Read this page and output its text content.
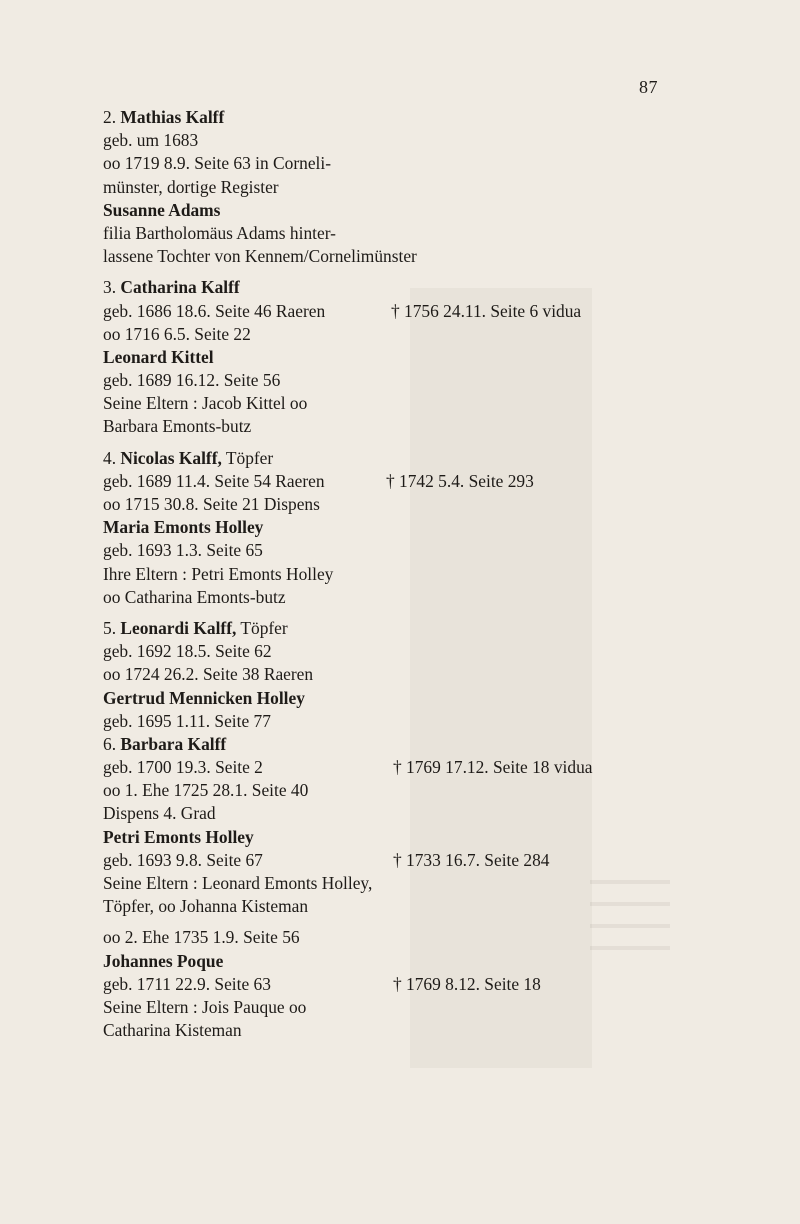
87
2. Mathias Kalff
geb. um 1683
oo 1719 8.9. Seite 63 in Corneli-
münster, dortige Register
Susanne Adams
filia Bartholomäus Adams hinter-
lassene Tochter von Kennem/Cornelimünster
3. Catharina Kalff
geb. 1686 18.6. Seite 46 Raeren	† 1756 24.11. Seite 6 vidua
oo 1716 6.5. Seite 22
Leonard Kittel
geb. 1689 16.12. Seite 56
Seine Eltern : Jacob Kittel oo
Barbara Emonts-butz
4. Nicolas Kalff, Töpfer
geb. 1689 11.4. Seite 54 Raeren	† 1742 5.4. Seite 293
oo 1715 30.8. Seite 21 Dispens
Maria Emonts Holley
geb. 1693 1.3. Seite 65
Ihre Eltern : Petri Emonts Holley
oo Catharina Emonts-butz
5. Leonardi Kalff, Töpfer
geb. 1692 18.5. Seite 62
oo 1724 26.2. Seite 38 Raeren
Gertrud Mennicken Holley
geb. 1695 1.11. Seite 77
6. Barbara Kalff
geb. 1700 19.3. Seite 2	† 1769 17.12. Seite 18 vidua
oo 1. Ehe 1725 28.1. Seite 40
Dispens 4. Grad
Petri Emonts Holley
geb. 1693 9.8. Seite 67	† 1733 16.7. Seite 284
Seine Eltern : Leonard Emonts Holley,
Töpfer, oo Johanna Kisteman
oo 2. Ehe 1735 1.9. Seite 56
Johannes Poque
geb. 1711 22.9. Seite 63	† 1769 8.12. Seite 18
Seine Eltern : Jois Pauque oo
Catharina Kisteman
